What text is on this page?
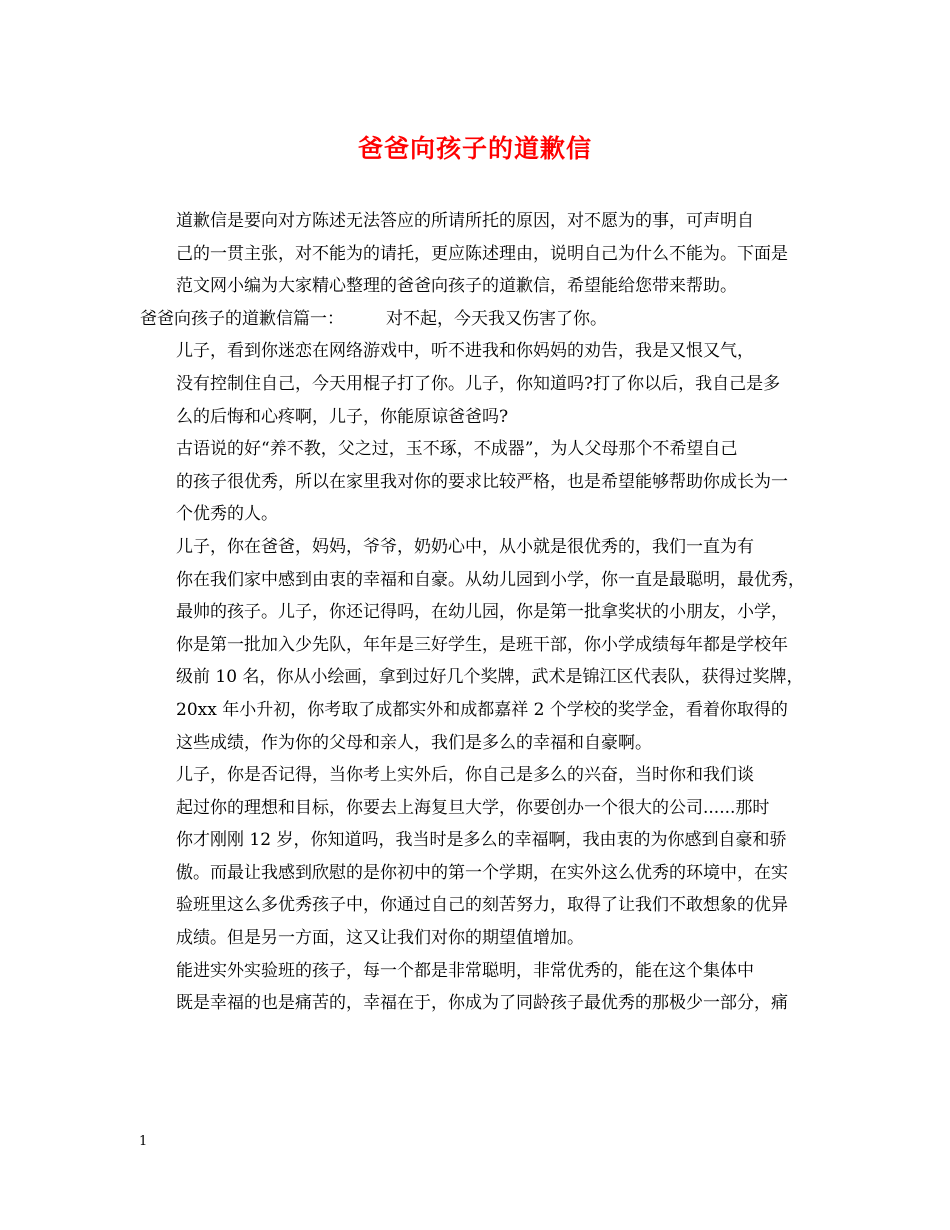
爸爸向孩子的道歉信

道歉信是要向对方陈述无法答应的所请所托的原因，对不愿为的事，可声明自
己的一贯主张，对不能为的请托，更应陈述理由，说明自己为什么不能为。下面是
范文网小编为大家精心整理的爸爸向孩子的道歉信，希望能给您带来帮助。

爸爸向孩子的道歉信篇一： 对不起，今天我又伤害了你。

儿子，看到你迷恋在网络游戏中，听不进我和你妈妈的劝告，我是又恨又气，
没有控制住自己，今天用棍子打了你。儿子，你知道吗?打了你以后，我自己是多
么的后悔和心疼啊，儿子，你能原谅爸爸吗?

古语说的好“养不教，父之过，玉不琢，不成器”，为人父母那个不希望自己
的孩子很优秀，所以在家里我对你的要求比较严格，也是希望能够帮助你成长为一
个优秀的人。

儿子，你在爸爸，妈妈，爷爷，奶奶心中，从小就是很优秀的，我们一直为有
你在我们家中感到由衷的幸福和自豪。从幼儿园到小学，你一直是最聪明，最优秀，
最帅的孩子。儿子，你还记得吗，在幼儿园，你是第一批拿奖状的小朋友，小学，
你是第一批加入少先队，年年是三好学生，是班干部，你小学成绩每年都是学校年
级前 10 名，你从小绘画，拿到过好几个奖牌，武术是锦江区代表队，获得过奖牌，
20xx 年小升初，你考取了成都实外和成都嘉祥 2 个学校的奖学金，看着你取得的
这些成绩，作为你的父母和亲人，我们是多么的幸福和自豪啊。

儿子，你是否记得，当你考上实外后，你自己是多么的兴奋，当时你和我们谈
起过你的理想和目标，你要去上海复旦大学，你要创办一个很大的公司......那时
你才刚刚 12 岁，你知道吗，我当时是多么的幸福啊，我由衷的为你感到自豪和骄
傲。而最让我感到欣慰的是你初中的第一个学期，在实外这么优秀的环境中，在实
验班里这么多优秀孩子中，你通过自己的刻苦努力，取得了让我们不敢想象的优异
成绩。但是另一方面，这又让我们对你的期望值增加。

能进实外实验班的孩子，每一个都是非常聪明，非常优秀的，能在这个集体中
既是幸福的也是痛苦的，幸福在于，你成为了同龄孩子最优秀的那极少一部分，痛

1
